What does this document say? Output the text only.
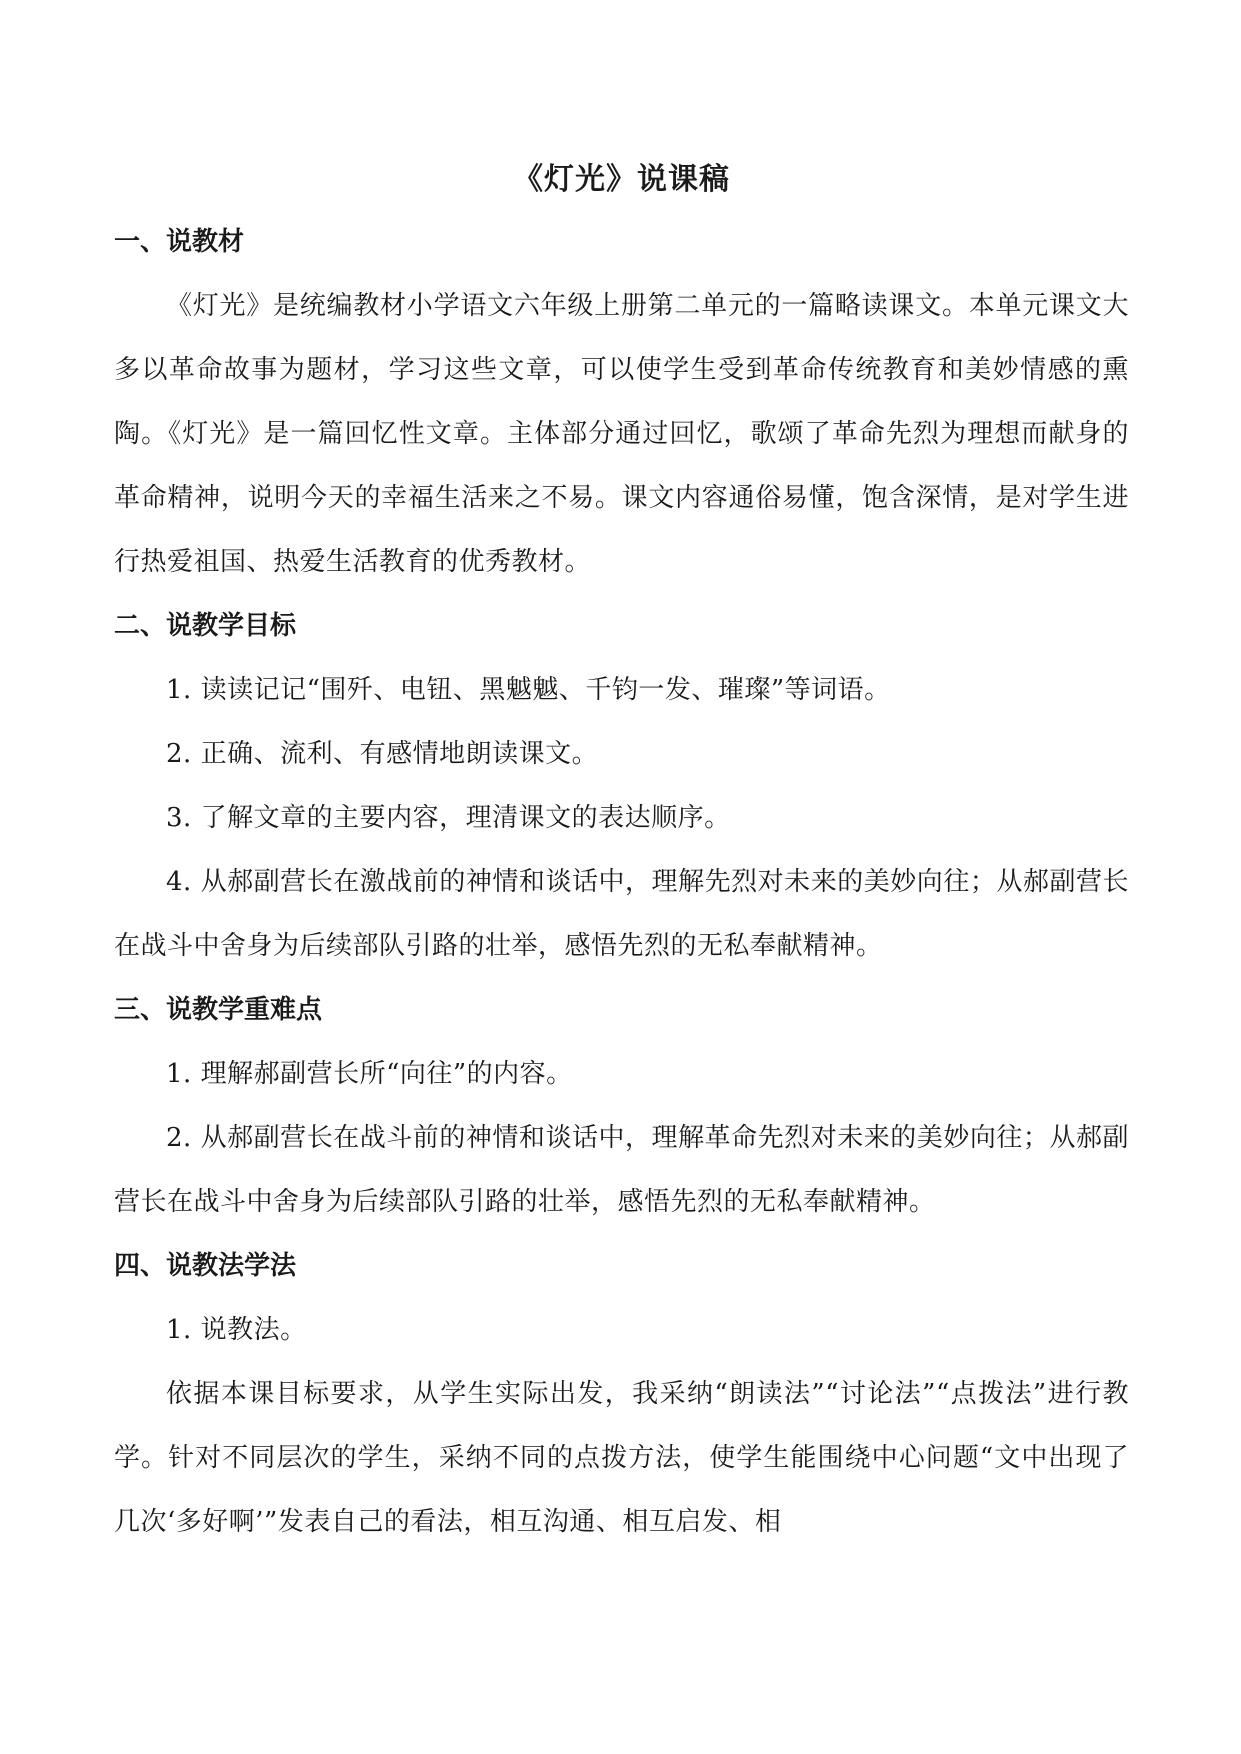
《灯光》说课稿
一、说教材

《灯光》是统编教材小学语文六年级上册第二单元的一篇略读课文。本单元课文大多以革命故事为题材，学习这些文章，可以使学生受到革命传统教育和美妙情感的熏陶。《灯光》是一篇回忆性文章。主体部分通过回忆，歌颂了革命先烈为理想而献身的革命精神，说明今天的幸福生活来之不易。课文内容通俗易懂，饱含深情，是对学生进行热爱祖国、热爱生活教育的优秀教材。

二、说教学目标

1. 读读记记“围歼、电钮、黑魆魆、千钧一发、璀璨”等词语。

2. 正确、流利、有感情地朗读课文。

3. 了解文章的主要内容，理清课文的表达顺序。

4. 从郝副营长在激战前的神情和谈话中，理解先烈对未来的美妙向往；从郝副营长在战斗中舍身为后续部队引路的壮举，感悟先烈的无私奉献精神。

三、说教学重难点

1. 理解郝副营长所“向往”的内容。

2. 从郝副营长在战斗前的神情和谈话中，理解革命先烈对未来的美妙向往；从郝副营长在战斗中舍身为后续部队引路的壮举，感悟先烈的无私奉献精神。

四、说教法学法

1. 说教法。

依据本课目标要求，从学生实际出发，我采纳“朗读法”“讨论法”“点拨法”进行教学。针对不同层次的学生，采纳不同的点拨方法，使学生能围绕中心问题“文中出现了几次‘多好啊’”发表自己的看法，相互沟通、相互启发、相
